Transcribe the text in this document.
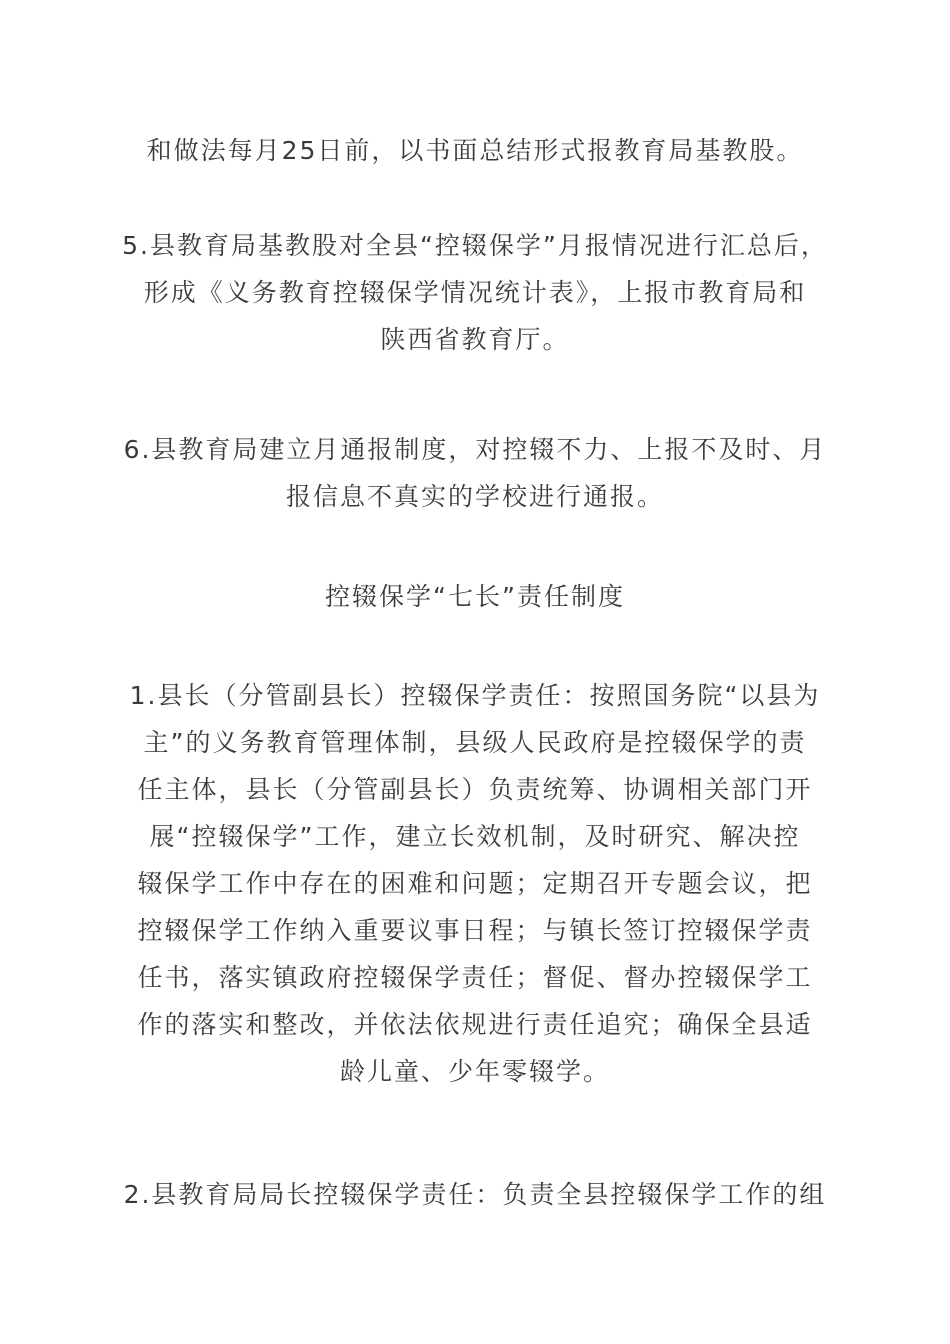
和做法每月25日前，以书面总结形式报教育局基教股。

5.县教育局基教股对全县“控辍保学”月报情况进行汇总后，
形成《义务教育控辍保学情况统计表》，上报市教育局和
陕西省教育厅。

6.县教育局建立月通报制度，对控辍不力、上报不及时、月
报信息不真实的学校进行通报。

控辍保学“七长”责任制度

1.县长（分管副县长）控辍保学责任：按照国务院“以县为
主”的义务教育管理体制，县级人民政府是控辍保学的责
任主体，县长（分管副县长）负责统筹、协调相关部门开
展“控辍保学”工作，建立长效机制，及时研究、解决控
辍保学工作中存在的困难和问题；定期召开专题会议，把
控辍保学工作纳入重要议事日程；与镇长签订控辍保学责
任书，落实镇政府控辍保学责任；督促、督办控辍保学工
作的落实和整改，并依法依规进行责任追究；确保全县适
龄儿童、少年零辍学。

2.县教育局局长控辍保学责任：负责全县控辍保学工作的组
